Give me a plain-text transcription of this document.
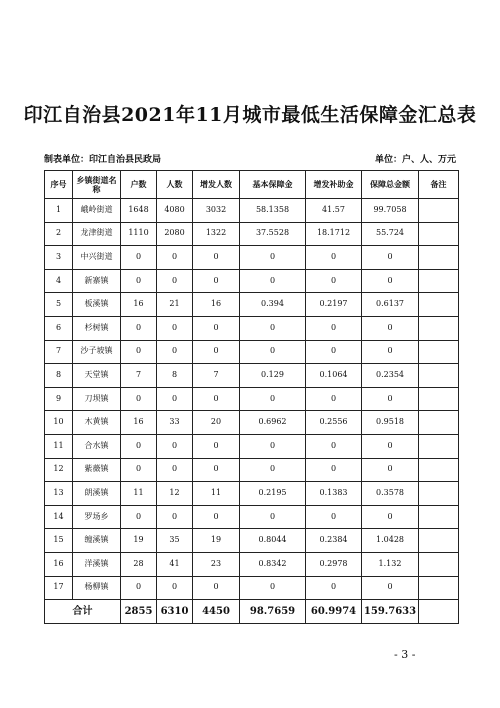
印江自治县2021年11月城市最低生活保障金汇总表
制表单位：印江自治县民政局	单位：户、人、万元
序号	乡镇街道名称	户数	人数	增发人数	基本保障金	增发补助金	保障总金额	备注
1	峨岭街道	1648	4080	3032	58.1358	41.57	99.7058	
2	龙津街道	1110	2080	1322	37.5528	18.1712	55.724	
3	中兴街道	0	0	0	0	0	0	
4	新寨镇	0	0	0	0	0	0	
5	板溪镇	16	21	16	0.394	0.2197	0.6137	
6	杉树镇	0	0	0	0	0	0	
7	沙子坡镇	0	0	0	0	0	0	
8	天堂镇	7	8	7	0.129	0.1064	0.2354	
9	刀坝镇	0	0	0	0	0	0	
10	木黄镇	16	33	20	0.6962	0.2556	0.9518	
11	合水镇	0	0	0	0	0	0	
12	紫薇镇	0	0	0	0	0	0	
13	朗溪镇	11	12	11	0.2195	0.1383	0.3578	
14	罗场乡	0	0	0	0	0	0	
15	缠溪镇	19	35	19	0.8044	0.2384	1.0428	
16	洋溪镇	28	41	23	0.8342	0.2978	1.132	
17	杨柳镇	0	0	0	0	0	0	
合计		2855	6310	4450	98.7659	60.9974	159.7633	
- 3 -
